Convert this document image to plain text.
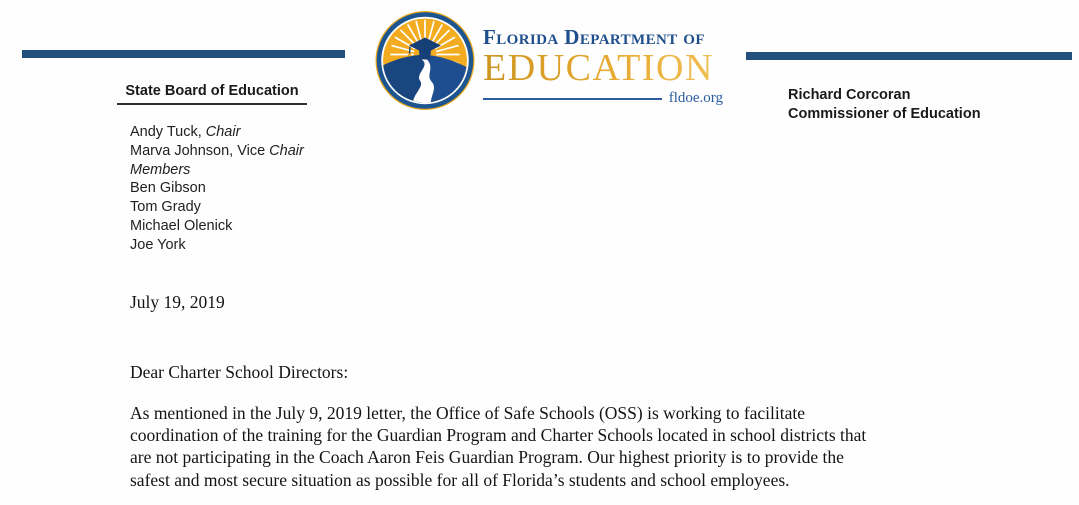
Florida Department of
EDUCATION
fldoe.org
State Board of Education
Andy Tuck, Chair
Marva Johnson, Vice Chair
Members
Ben Gibson
Tom Grady
Michael Olenick
Joe York
Richard Corcoran
Commissioner of Education
July 19, 2019
Dear Charter School Directors:
As mentioned in the July 9, 2019 letter, the Office of Safe Schools (OSS) is working to facilitate
coordination of the training for the Guardian Program and Charter Schools located in school districts that
are not participating in the Coach Aaron Feis Guardian Program. Our highest priority is to provide the
safest and most secure situation as possible for all of Florida’s students and school employees.
